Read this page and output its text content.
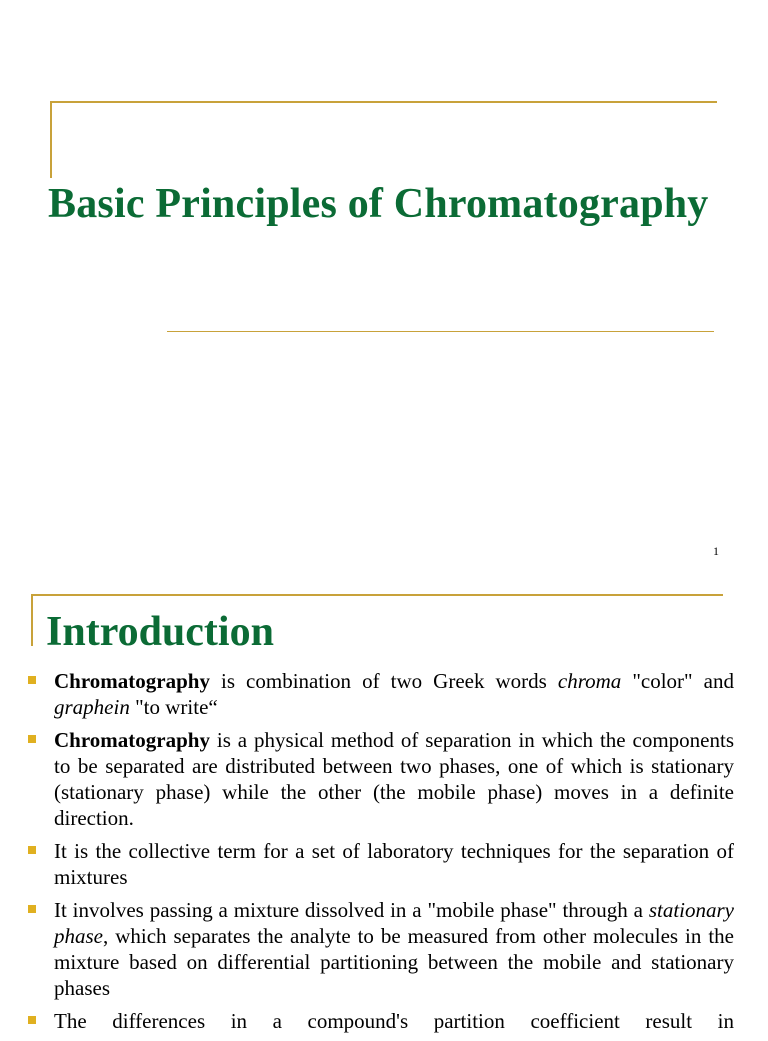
Basic Principles of Chromatography
1
Introduction
Chromatography is combination of two Greek words chroma "color" and graphein "to write“
Chromatography is a physical method of separation in which the components to be separated are distributed between two phases, one of which is stationary (stationary phase) while the other (the mobile phase) moves in a definite direction.
It is the collective term for a set of laboratory techniques for the separation of mixtures
It involves passing a mixture dissolved in a "mobile phase" through a stationary phase, which separates the analyte to be measured from other molecules in the mixture based on differential partitioning between the mobile and stationary phases
The differences in a compound's partition coefficient result in
